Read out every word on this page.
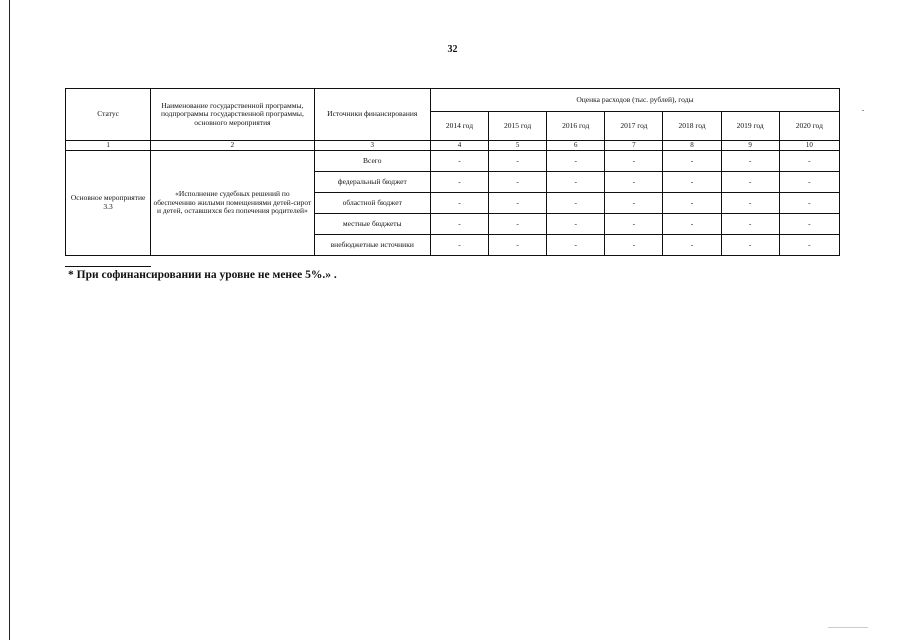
32
Статус	Наименование государственной программы, подпрограммы государственной программы, основного мероприятия	Источники финансирования	Оценка расходов (тыс. рублей), годы						
			2014 год	2015 год	2016 год	2017 год	2018 год	2019 год	2020 год
1	2	3	4	5	6	7	8	9	10
Основное мероприятие 3.3	«Исполнение судебных решений по обеспечению жилыми помещениями детей-сирот и детей, оставшихся без попечения родителей»	Всего	-	-	-	-	-	-	-
		федеральный бюджет	-	-	-	-	-	-	-
		областной бюджет	-	-	-	-	-	-	-
		местные бюджеты	-	-	-	-	-	-	-
		внебюджетные источники	-	-	-	-	-	-	-
* При софинансировании на уровне не менее 5%.» .
